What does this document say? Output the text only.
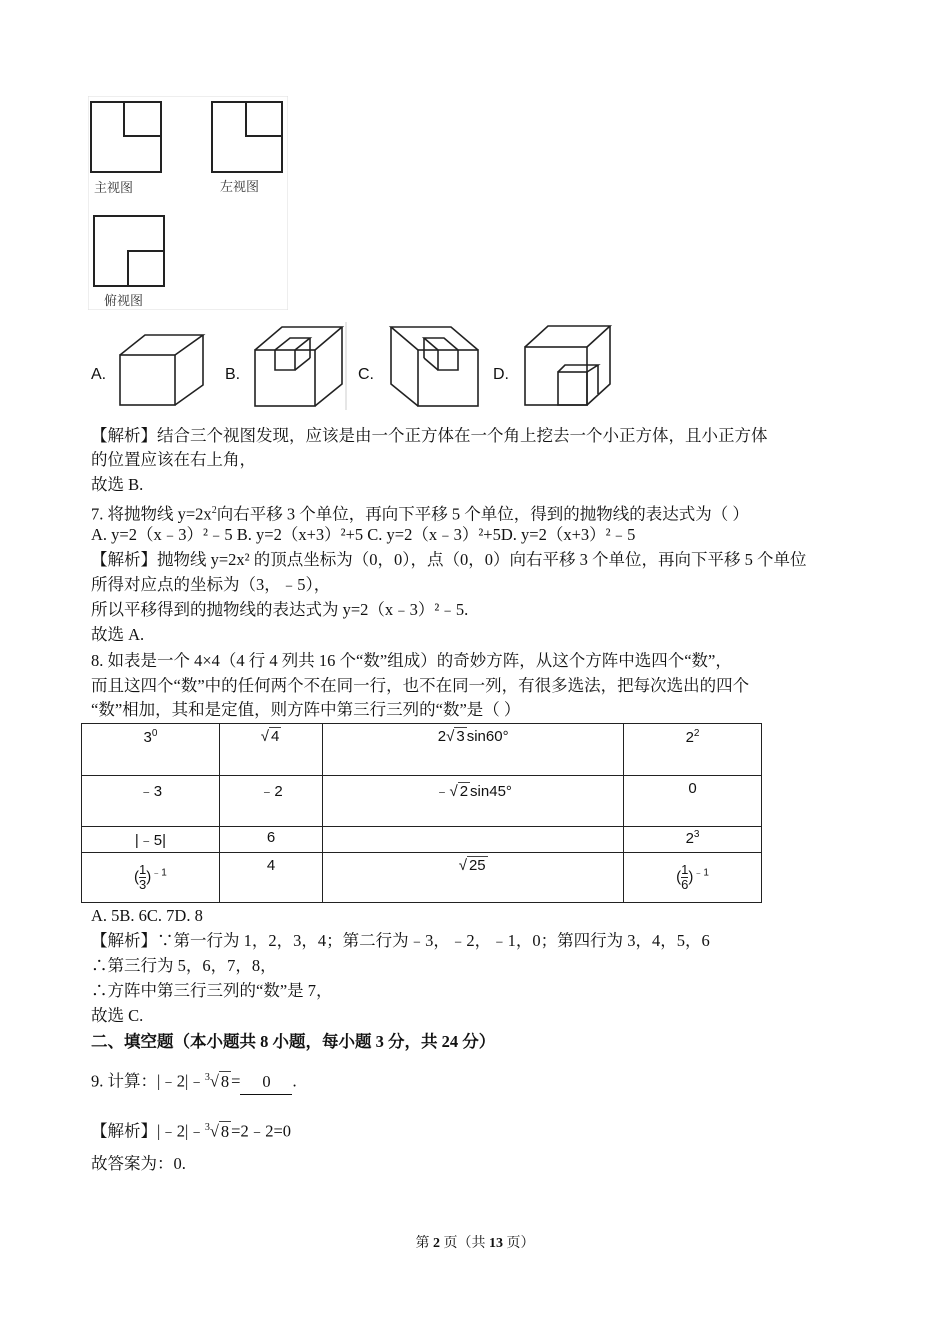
主视图	左视图
俯视图
A.	B.	C.	D.
【解析】结合三个视图发现，应该是由一个正方体在一个角上挖去一个小正方体，且小正方体
的位置应该在右上角，
故选 B.
7. 将抛物线 $y=2x^2$向右平移 3 个单位，再向下平移 5 个单位，得到的抛物线的表达式为（ ）
A. y=2（x﹣3）²﹣5 B. y=2（x+3）²+5 C. y=2（x﹣3）²+5D. y=2（x+3）²﹣5
【解析】抛物线 y=2x² 的顶点坐标为（0，0），点（0，0）向右平移 3 个单位，再向下平移 5 个单位
所得对应点的坐标为（3，﹣5），
所以平移得到的抛物线的表达式为 y=2（x﹣3）²﹣5.
故选 A.
8. 如表是一个 4×4（4 行 4 列共 16 个“数”组成）的奇妙方阵，从这个方阵中选四个“数”，
而且这四个“数”中的任何两个不在同一行，也不在同一列，有很多选法，把每次选出的四个
“数”相加，其和是定值，则方阵中第三行三列的“数”是（ ）
$3^0$	√ 4	2√ 3 sin60°	$2^2$
﹣3	﹣2	﹣√ 2 sin45°	0
|﹣5|	6		$2^3$
( $\frac{1}{3} )^{﹣1}$	4	√ 25	( $\frac{1}{6} )^{﹣1}$
A. 5B. 6C. 7D. 8
【解析】∵第一行为 1，2，3，4；第二行为﹣3，﹣2，﹣1，0；第四行为 3，4，5，6
∴第三行为 5，6，7，8，
∴方阵中第三行三列的“数”是 7，
故选 C.
二、填空题（本小题共 8 小题，每小题 3 分，共 24 分）
9. 计算：|﹣2|﹣$^3$√ 8 = 0 .
【解析】|﹣2|﹣$^3$√ 8 =2﹣2=0
故答案为：0.
第 2 页（共 13 页）
